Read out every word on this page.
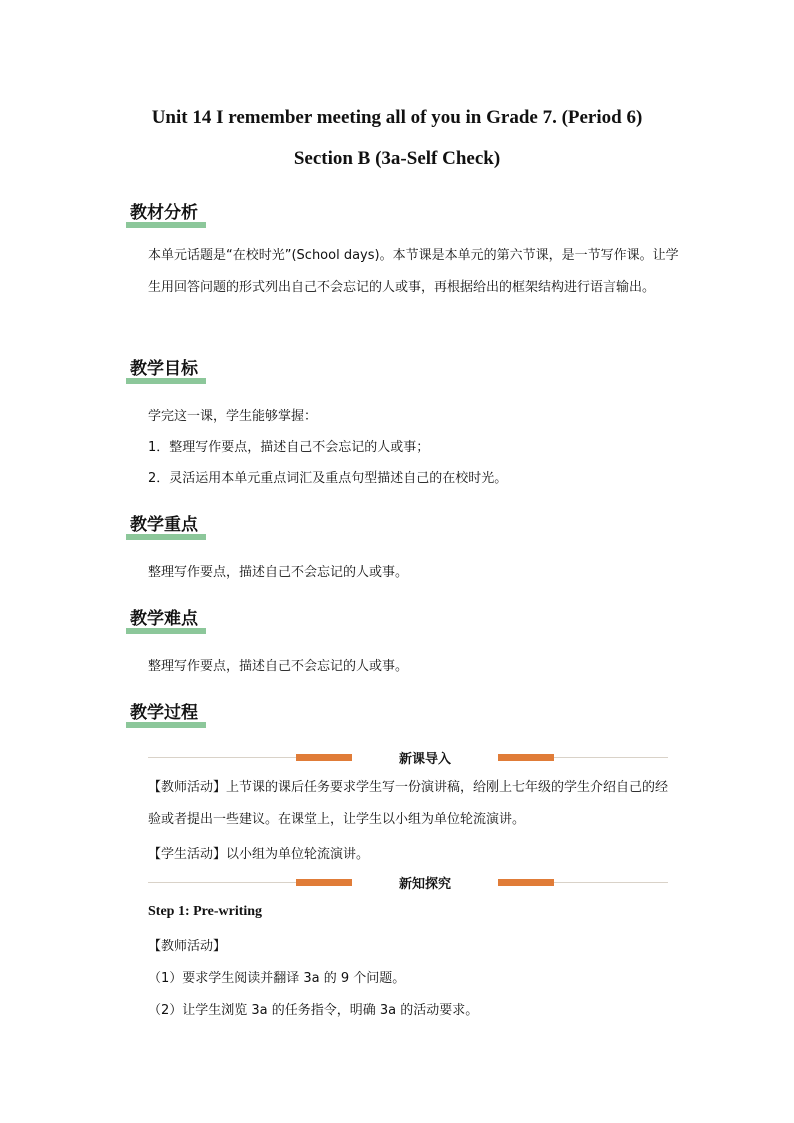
Unit 14 I remember meeting all of you in Grade 7. (Period 6)
Section B (3a-Self Check)
教材分析
本单元话题是“在校时光”(School days)。本节课是本单元的第六节课，是一节写作课。让学生用回答问题的形式列出自己不会忘记的人或事，再根据给出的框架结构进行语言输出。
教学目标
学完这一课，学生能够掌握：
1．整理写作要点，描述自己不会忘记的人或事；
2．灵活运用本单元重点词汇及重点句型描述自己的在校时光。
教学重点
整理写作要点，描述自己不会忘记的人或事。
教学难点
整理写作要点，描述自己不会忘记的人或事。
教学过程
新课导入
【教师活动】上节课的课后任务要求学生写一份演讲稿，给刚上七年级的学生介绍自己的经验或者提出一些建议。在课堂上，让学生以小组为单位轮流演讲。
【学生活动】以小组为单位轮流演讲。
新知探究
Step 1: Pre-writing
【教师活动】
（1）要求学生阅读并翻译 3a 的 9 个问题。
（2）让学生浏览 3a 的任务指令，明确 3a 的活动要求。
